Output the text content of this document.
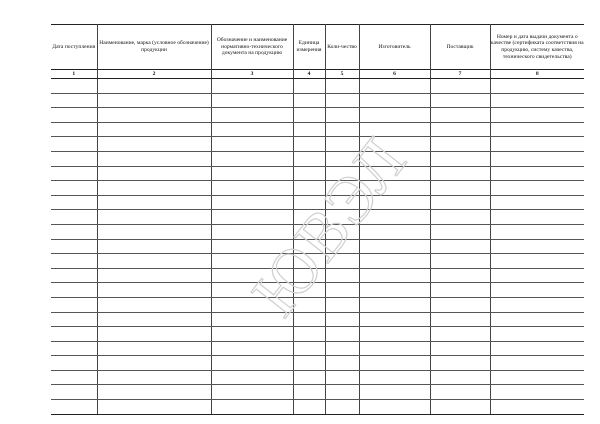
Дата поступления	Наименование, марка (условное обозначение) продукции	Обозначение и наименование нормативно-технического документа на продукцию	Единица измерения	Коли-чество	Изготовитель	Поставщик	Номер и дата выдачи документа о качестве (сертификата соответствия на продукцию, систему качества, технического свидетельства)
1	2	3	4	5	6	7	8

ЮВЭЛ
